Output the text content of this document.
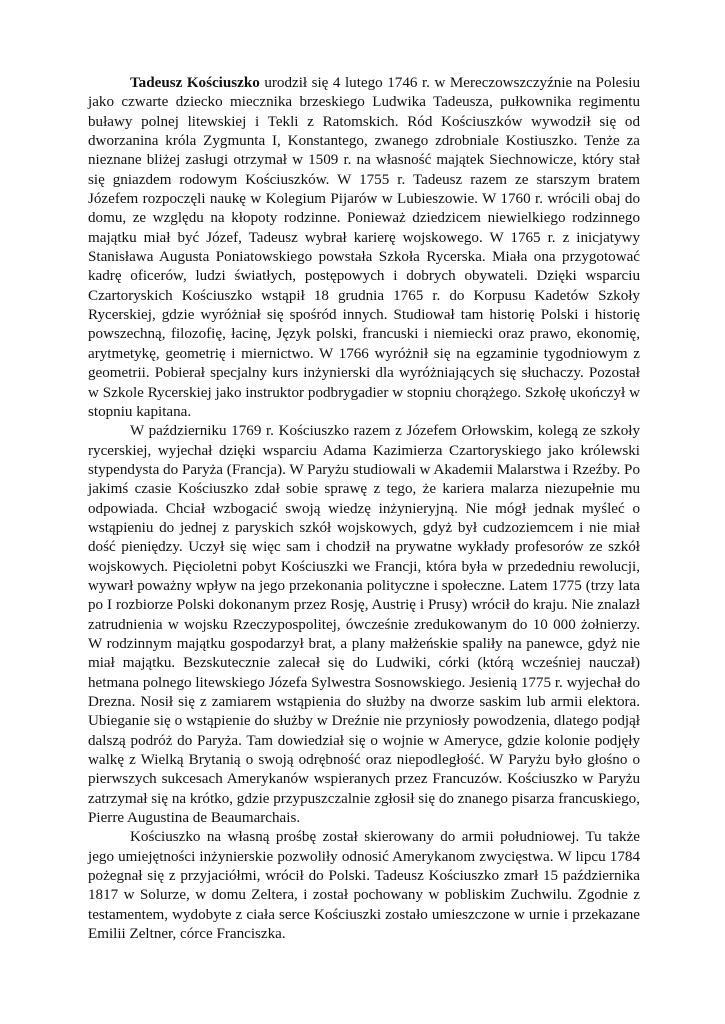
Tadeusz Kościuszko urodził się 4 lutego 1746 r. w Mereczowszczyźnie na Polesiu jako czwarte dziecko miecznika brzeskiego Ludwika Tadeusza, pułkownika regimentu buławy polnej litewskiej i Tekli z Ratomskich. Ród Kościuszków wywodził się od dworzanina króla Zygmunta I, Konstantego, zwanego zdrobniale Kostiuszko. Tenże za nieznane bliżej zasługi otrzymał w 1509 r. na własność majątek Siechnowicze, który stał się gniazdem rodowym Kościuszków. W 1755 r. Tadeusz razem ze starszym bratem Józefem rozpoczęli naukę w Kolegium Pijarów w Lubieszowie. W 1760 r. wrócili obaj do domu, ze względu na kłopoty rodzinne. Ponieważ dziedzicem niewielkiego rodzinnego majątku miał być Józef, Tadeusz wybrał karierę wojskowego. W 1765 r. z inicjatywy Stanisława Augusta Poniatowskiego powstała Szkoła Rycerska. Miała ona przygotować kadrę oficerów, ludzi światłych, postępowych i dobrych obywateli. Dzięki wsparciu Czartoryskich Kościuszko wstąpił 18 grudnia 1765 r. do Korpusu Kadetów Szkoły Rycerskiej, gdzie wyróżniał się spośród innych. Studiował tam historię Polski i historię powszechną, filozofię, łacinę, Język polski, francuski i niemiecki oraz prawo, ekonomię, arytmetykę, geometrię i miernictwo. W 1766 wyróżnił się na egzaminie tygodniowym z geometrii. Pobierał specjalny kurs inżynierski dla wyróżniających się słuchaczy. Pozostał w Szkole Rycerskiej jako instruktor podbrygadier w stopniu chorążego. Szkołę ukończył w stopniu kapitana.

W październiku 1769 r. Kościuszko razem z Józefem Orłowskim, kolegą ze szkoły rycerskiej, wyjechał dzięki wsparciu Adama Kazimierza Czartoryskiego jako królewski stypendysta do Paryża (Francja). W Paryżu studiowali w Akademii Malarstwa i Rzeźby. Po jakimś czasie Kościuszko zdał sobie sprawę z tego, że kariera malarza niezupełnie mu odpowiada. Chciał wzbogacić swoją wiedzę inżynieryjną. Nie mógł jednak myśleć o wstąpieniu do jednej z paryskich szkół wojskowych, gdyż był cudzoziemcem i nie miał dość pieniędzy. Uczył się więc sam i chodził na prywatne wykłady profesorów ze szkół wojskowych. Pięcioletni pobyt Kościuszki we Francji, która była w przededniu rewolucji, wywarł poważny wpływ na jego przekonania polityczne i społeczne. Latem 1775 (trzy lata po I rozbiorze Polski dokonanym przez Rosję, Austrię i Prusy) wrócił do kraju. Nie znalazł zatrudnienia w wojsku Rzeczypospolitej, ówcześnie zredukowanym do 10 000 żołnierzy. W rodzinnym majątku gospodarzył brat, a plany małżeńskie spaliły na panewce, gdyż nie miał majątku. Bezskutecznie zalecał się do Ludwiki, córki (którą wcześniej nauczał) hetmana polnego litewskiego Józefa Sylwestra Sosnowskiego. Jesienią 1775 r. wyjechał do Drezna. Nosił się z zamiarem wstąpienia do służby na dworze saskim lub armii elektora. Ubieganie się o wstąpienie do służby w Dreźnie nie przyniosły powodzenia, dlatego podjął dalszą podróż do Paryża. Tam dowiedział się o wojnie w Ameryce, gdzie kolonie podjęły walkę z Wielką Brytanią o swoją odrębność oraz niepodległość. W Paryżu było głośno o pierwszych sukcesach Amerykanów wspieranych przez Francuzów. Kościuszko w Paryżu zatrzymał się na krótko, gdzie przypuszczalnie zgłosił się do znanego pisarza francuskiego, Pierre Augustina de Beaumarchais.

Kościuszko na własną prośbę został skierowany do armii południowej. Tu także jego umiejętności inżynierskie pozwoliły odnosić Amerykanom zwycięstwa. W lipcu 1784 pożegnał się z przyjaciółmi, wrócił do Polski. Tadeusz Kościuszko zmarł 15 października 1817 w Solurze, w domu Zeltera, i został pochowany w pobliskim Zuchwilu. Zgodnie z testamentem, wydobyte z ciała serce Kościuszki zostało umieszczone w urnie i przekazane Emilii Zeltner, córce Franciszka.
